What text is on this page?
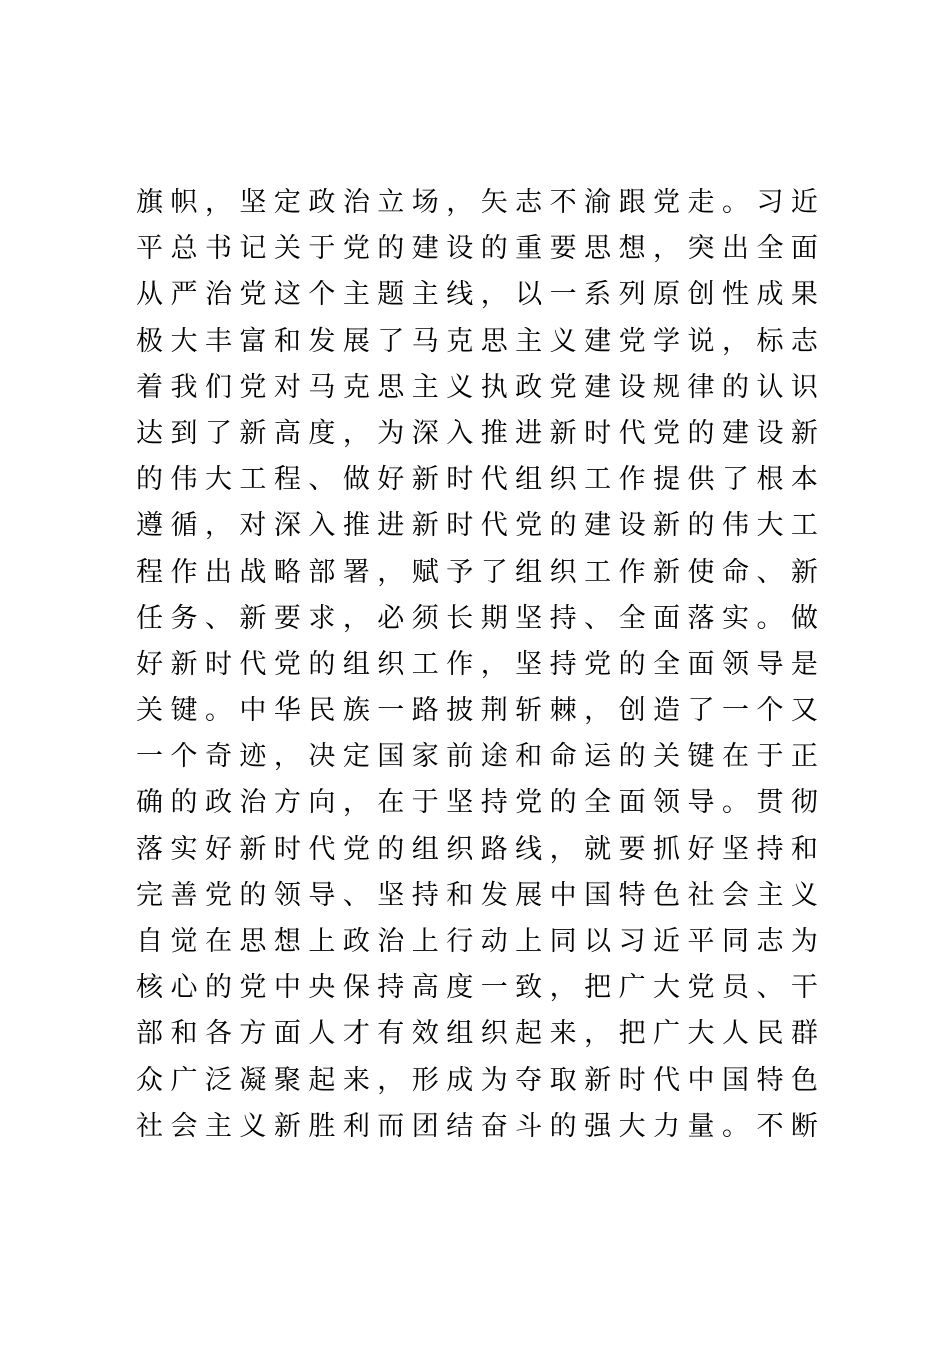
旗 帜 ， 坚 定 政 治 立 场 ， 矢 志 不 渝 跟 党 走 。 习 近
平 总 书 记 关 于 党 的 建 设 的 重 要 思 想 ， 突 出 全 面
从 严 治 党 这 个 主 题 主 线 ， 以 一 系 列 原 创 性 成 果
极 大 丰 富 和 发 展 了 马 克 思 主 义 建 党 学 说 ， 标 志
着 我 们 党 对 马 克 思 主 义 执 政 党 建 设 规 律 的 认 识
达 到 了 新 高 度 ， 为 深 入 推 进 新 时 代 党 的 建 设 新
的 伟 大 工 程 、 做 好 新 时 代 组 织 工 作 提 供 了 根 本
遵 循 ， 对 深 入 推 进 新 时 代 党 的 建 设 新 的 伟 大 工
程 作 出 战 略 部 署 ， 赋 予 了 组 织 工 作 新 使 命 、 新
任 务 、 新 要 求 ， 必 须 长 期 坚 持 、 全 面 落 实 。 做
好 新 时 代 党 的 组 织 工 作 ， 坚 持 党 的 全 面 领 导 是
关 键 。 中 华 民 族 一 路 披 荆 斩 棘 ， 创 造 了 一 个 又
一 个 奇 迹 ， 决 定 国 家 前 途 和 命 运 的 关 键 在 于 正
确 的 政 治 方 向 ， 在 于 坚 持 党 的 全 面 领 导 。 贯 彻
落 实 好 新 时 代 党 的 组 织 路 线 ， 就 要 抓 好 坚 持 和
完 善 党 的 领 导 、 坚 持 和 发 展 中 国 特 色 社 会 主 义
自 觉 在 思 想 上 政 治 上 行 动 上 同 以 习 近 平 同 志 为
核 心 的 党 中 央 保 持 高 度 一 致 ， 把 广 大 党 员 、 干
部 和 各 方 面 人 才 有 效 组 织 起 来 ， 把 广 大 人 民 群
众 广 泛 凝 聚 起 来 ， 形 成 为 夺 取 新 时 代 中 国 特 色
社 会 主 义 新 胜 利 而 团 结 奋 斗 的 强 大 力 量 。 不 断
